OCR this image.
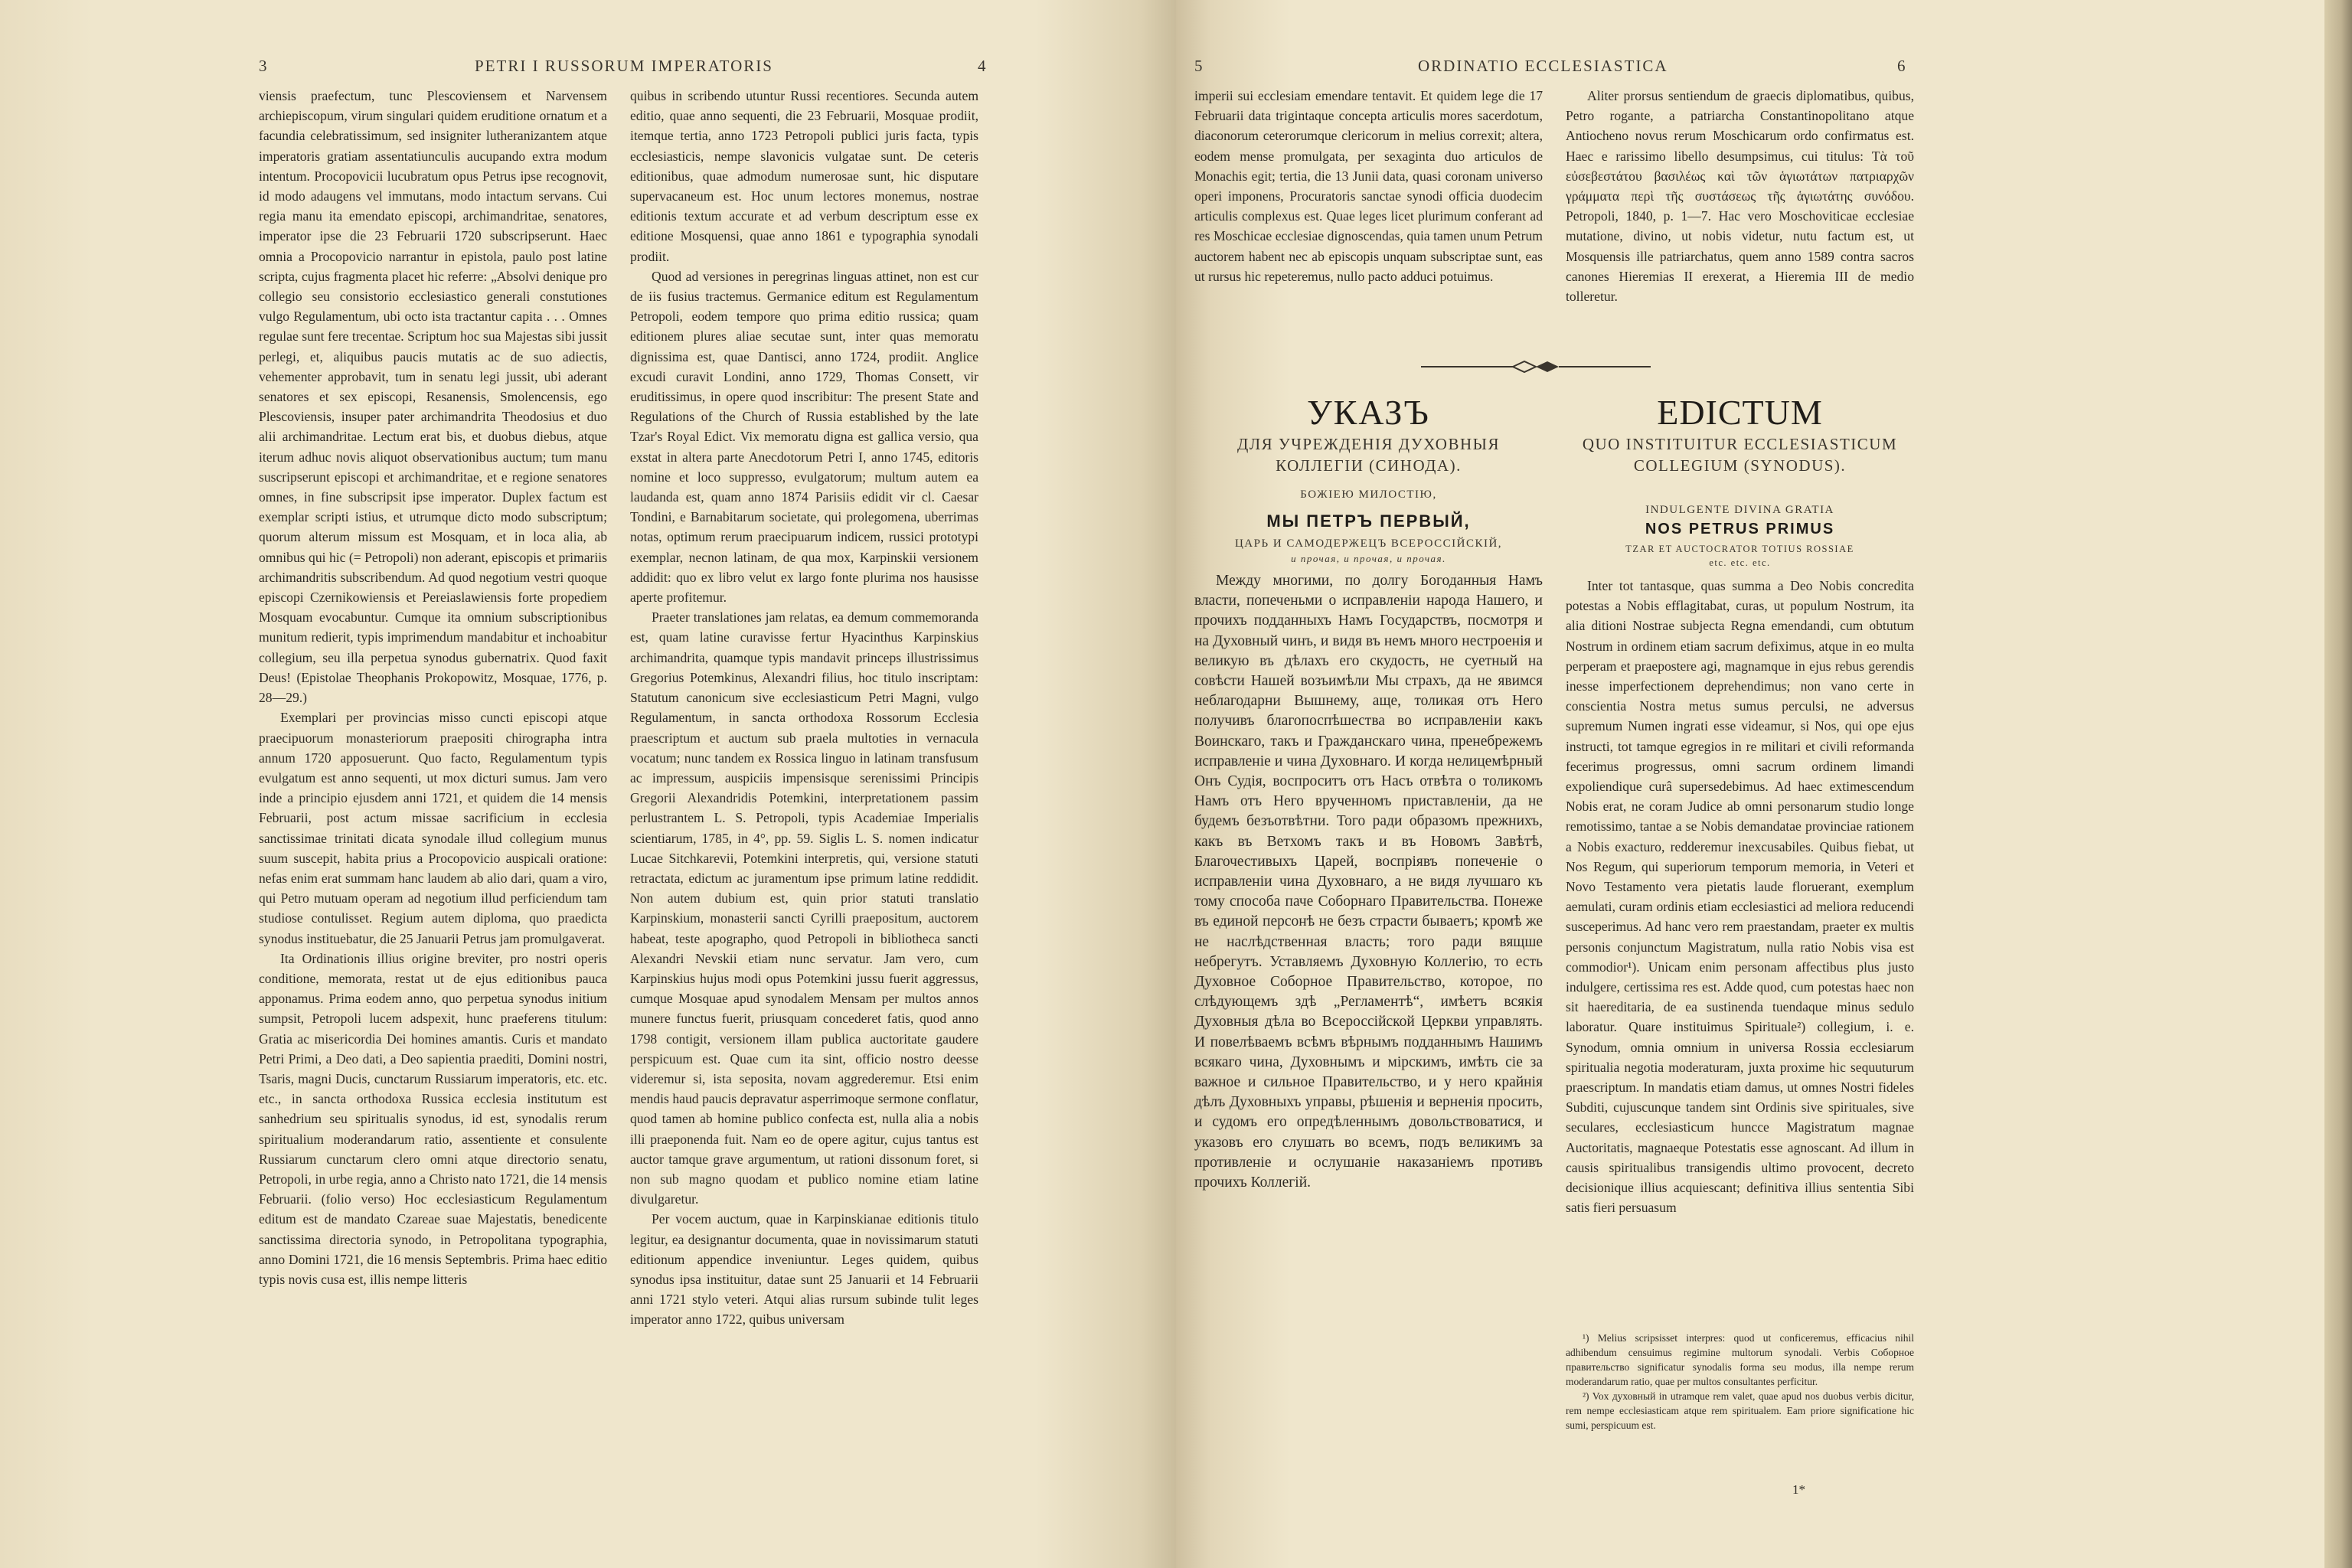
3	PETRI I RUSSORUM IMPERATORIS	4

viensis praefectum, tunc Plescoviensem et Narvensem archiepiscopum, virum singulari quidem eruditione ornatum et a facundia celebratissimum, sed insigniter lutheranizantem atque imperatoris gratiam assentatiunculis aucupando extra modum intentum. Procopovicii lucubratum opus Petrus ipse recognovit, id modo adaugens vel immutans, modo intactum servans. Cui regia manu ita emendato episcopi, archimandritae, senatores, imperator ipse die 23 Februarii 1720 subscripserunt. Haec omnia a Procopovicio narrantur in epistola, paulo post latine scripta, cujus fragmenta placet hic referre: „Absolvi denique pro collegio seu consistorio ecclesiastico generali constutiones vulgo Regulamentum, ubi octo ista tractantur capita . . . Omnes regulae sunt fere trecentae. Scriptum hoc sua Majestas sibi jussit perlegi, et, aliquibus paucis mutatis ac de suo adiectis, vehementer approbavit, tum in senatu legi jussit, ubi aderant senatores et sex episcopi, Resanensis, Smolencensis, ego Plescoviensis, insuper pater archimandrita Theodosius et duo alii archimandritae. Lectum erat bis, et duobus diebus, atque iterum adhuc novis aliquot observationibus auctum; tum manu suscripserunt episcopi et archimandritae, et e regione senatores omnes, in fine subscripsit ipse imperator. Duplex factum est exemplar scripti istius, et utrumque dicto modo subscriptum; quorum alterum missum est Mosquam, et in loca alia, ab omnibus qui hic (= Petropoli) non aderant, episcopis et primariis archimandritis subscribendum. Ad quod negotium vestri quoque episcopi Czernikowiensis et Pereiaslawiensis forte propediem Mosquam evocabuntur. Cumque ita omnium subscriptionibus munitum redierit, typis imprimendum mandabitur et inchoabitur collegium, seu illa perpetua synodus gubernatrix. Quod faxit Deus! (Epistolae Theophanis Prokopowitz, Mosquae, 1776, p. 28—29.)

Exemplari per provincias misso cuncti episcopi atque praecipuorum monasteriorum praepositi chirographa intra annum 1720 apposuerunt. Quo facto, Regulamentum typis evulgatum est anno sequenti, ut mox dicturi sumus. Jam vero inde a principio ejusdem anni 1721, et quidem die 14 mensis Februarii, post actum missae sacrificium in ecclesia sanctissimae trinitati dicata synodale illud collegium munus suum suscepit, habita prius a Procopovicio auspicali oratione: nefas enim erat summam hanc laudem ab alio dari, quam a viro, qui Petro mutuam operam ad negotium illud perficiendum tam studiose contulisset. Regium autem diploma, quo praedicta synodus instituebatur, die 25 Januarii Petrus jam promulgaverat.

Ita Ordinationis illius origine breviter, pro nostri operis conditione, memorata, restat ut de ejus editionibus pauca apponamus. Prima eodem anno, quo perpetua synodus initium sumpsit, Petropoli lucem adspexit, hunc praeferens titulum: Gratia ac misericordia Dei homines amantis. Curis et mandato Petri Primi, a Deo dati, a Deo sapientia praediti, Domini nostri, Tsaris, magni Ducis, cunctarum Russiarum imperatoris, etc. etc. etc., in sancta orthodoxa Russica ecclesia institutum est sanhedrium seu spiritualis synodus, id est, synodalis rerum spiritualium moderandarum ratio, assentiente et consulente Russiarum cunctarum clero omni atque directorio senatu, Petropoli, in urbe regia, anno a Christo nato 1721, die 14 mensis Februarii. (folio verso) Hoc ecclesiasticum Regulamentum editum est de mandato Czareae suae Majestatis, benedicente sanctissima directoria synodo, in Petropolitana typographia, anno Domini 1721, die 16 mensis Septembris. Prima haec editio typis novis cusa est, illis nempe litteris

quibus in scribendo utuntur Russi recentiores. Secunda autem editio, quae anno sequenti, die 23 Februarii, Mosquae prodiit, itemque tertia, anno 1723 Petropoli publici juris facta, typis ecclesiasticis, nempe slavonicis vulgatae sunt. De ceteris editionibus, quae admodum numerosae sunt, hic disputare supervacaneum est. Hoc unum lectores monemus, nostrae editionis textum accurate et ad verbum descriptum esse ex editione Mosquensi, quae anno 1861 e typographia synodali prodiit.

Quod ad versiones in peregrinas linguas attinet, non est cur de iis fusius tractemus. Germanice editum est Regulamentum Petropoli, eodem tempore quo prima editio russica; quam editionem plures aliae secutae sunt, inter quas memoratu dignissima est, quae Dantisci, anno 1724, prodiit. Anglice excudi curavit Londini, anno 1729, Thomas Consett, vir eruditissimus, in opere quod inscribitur: The present State and Regulations of the Church of Russia established by the late Tzar's Royal Edict. Vix memoratu digna est gallica versio, qua exstat in altera parte Anecdotorum Petri I, anno 1745, editoris nomine et loco suppresso, evulgatorum; multum autem ea laudanda est, quam anno 1874 Parisiis edidit vir cl. Caesar Tondini, e Barnabitarum societate, qui prolegomena, uberrimas notas, optimum rerum praecipuarum indicem, russici prototypi exemplar, necnon latinam, de qua mox, Karpinskii versionem addidit: quo ex libro velut ex largo fonte plurima nos hausisse aperte profitemur.

Praeter translationes jam relatas, ea demum commemoranda est, quam latine curavisse fertur Hyacinthus Karpinskius archimandrita, quamque typis mandavit princeps illustrissimus Gregorius Potemkinus, Alexandri filius, hoc titulo inscriptam: Statutum canonicum sive ecclesiasticum Petri Magni, vulgo Regulamentum, in sancta orthodoxa Rossorum Ecclesia praescriptum et auctum sub praela multoties in vernacula vocatum; nunc tandem ex Rossica linguo in latinam transfusum ac impressum, auspiciis impensisque serenissimi Principis Gregorii Alexandridis Potemkini, interpretationem passim perlustrantem L. S. Petropoli, typis Academiae Imperialis scientiarum, 1785, in 4°, pp. 59. Siglis L. S. nomen indicatur Lucae Sitchkarevii, Potemkini interpretis, qui, versione statuti retractata, edictum ac juramentum ipse primum latine reddidit. Non autem dubium est, quin prior statuti translatio Karpinskium, monasterii sancti Cyrilli praepositum, auctorem habeat, teste apographo, quod Petropoli in bibliotheca sancti Alexandri Nevskii etiam nunc servatur. Jam vero, cum Karpinskius hujus modi opus Potemkini jussu fuerit aggressus, cumque Mosquae apud synodalem Mensam per multos annos munere functus fuerit, priusquam concederet fatis, quod anno 1798 contigit, versionem illam publica auctoritate gaudere perspicuum est. Quae cum ita sint, officio nostro deesse videremur si, ista seposita, novam aggrederemur. Etsi enim mendis haud paucis depravatur asperrimoque sermone conflatur, quod tamen ab homine publico confecta est, nulla alia a nobis illi praeponenda fuit. Nam eo de opere agitur, cujus tantus est auctor tamque grave argumentum, ut rationi dissonum foret, si non sub magno quodam et publico nomine etiam latine divulgaretur.

Per vocem auctum, quae in Karpinskianae editionis titulo legitur, ea designantur documenta, quae in novissimarum statuti editionum appendice inveniuntur. Leges quidem, quibus synodus ipsa instituitur, datae sunt 25 Januarii et 14 Februarii anni 1721 stylo veteri. Atqui alias rursum subinde tulit leges imperator anno 1722, quibus universam

5	ORDINATIO ECCLESIASTICA	6

imperii sui ecclesiam emendare tentavit. Et quidem lege die 17 Februarii data trigintaque concepta articulis mores sacerdotum, diaconorum ceterorumque clericorum in melius correxit; altera, eodem mense promulgata, per sexaginta duo articulos de Monachis egit; tertia, die 13 Junii data, quasi coronam universo operi imponens, Procuratoris sanctae synodi officia duodecim articulis complexus est. Quae leges licet plurimum conferant ad res Moschicae ecclesiae dignoscendas, quia tamen unum Petrum auctorem habent nec ab episcopis unquam subscriptae sunt, eas ut rursus hic repeteremus, nullo pacto adduci potuimus.

Aliter prorsus sentiendum de graecis diplomatibus, quibus, Petro rogante, a patriarcha Constantinopolitano atque Antiocheno novus rerum Moschicarum ordo confirmatus est. Haec e rarissimo libello desumpsimus, cui titulus: Τὰ τοῦ εὐσεβεστάτου βασιλέως καὶ τῶν ἁγιωτάτων πατριαρχῶν γράμματα περὶ τῆς συστάσεως τῆς ἁγιωτάτης συνόδου. Petropoli, 1840, p. 1—7. Hac vero Moschoviticae ecclesiae mutatione, divino, ut nobis videtur, nutu factum est, ut Mosquensis ille patriarchatus, quem anno 1589 contra sacros canones Hieremias II erexerat, a Hieremia III de medio tolleretur.

УКАЗЪ
ДЛЯ УЧРЕЖДЕНІЯ ДУХОВНЫЯ
КОЛЛЕГІИ (СИНОДА).
БОЖІЕЮ МИЛОСТІЮ,
МЫ ПЕТРЪ ПЕРВЫЙ,
ЦАРЬ И САМОДЕРЖЕЦЪ ВСЕРОССІЙСКІЙ,
и прочая, и прочая, и прочая.

Между многими, по долгу Богоданныя Намъ власти, попеченьми о исправленіи народа Нашего, и прочихъ подданныхъ Намъ Государствъ, посмотря и на Духовный чинъ, и видя въ немъ много нестроенія и великую въ дѣлахъ его скудость, не суетный на совѣсти Нашей возъимѣли Мы страхъ, да не явимся неблагодарни Вышнему, аще, толикая отъ Него получивъ благопоспѣшества во исправленіи какъ Воинскаго, такъ и Гражданскаго чина, пренебрежемъ исправленіе и чина Духовнаго. И когда нелицемѣрный Онъ Судія, воспроситъ отъ Насъ отвѣта о толикомъ Намъ отъ Него врученномъ приставленіи, да не будемъ безъотвѣтни. Того ради образомъ прежнихъ, какъ въ Ветхомъ такъ и въ Новомъ Завѣтѣ, Благочестивыхъ Царей, воспріявъ попеченіе о исправленіи чина Духовнаго, а не видя лучшаго къ тому способа паче Соборнаго Правительства. Понеже въ единой персонѣ не безъ страсти бываетъ; кромѣ же не наслѣдственная власть; того ради вящше небрегутъ. Уставляемъ Духовную Коллегію, то есть Духовное Соборное Правительство, которое, по слѣдующемъ здѣ „Регламентѣ“, имѣетъ всякія Духовныя дѣла во Всероссійской Церкви управлять. И повелѣваемъ всѣмъ вѣрнымъ подданнымъ Нашимъ всякаго чина, Духовнымъ и мірскимъ, имѣть сіе за важное и сильное Правительство, и у него крайнія дѣлъ Духовныхъ управы, рѣшенія и верненія просить, и судомъ его опредѣленнымъ довольствоватися, и указовъ его слушать во всемъ, подъ великимъ за противленіе и ослушаніе наказаніемъ противъ прочихъ Коллегій.

EDICTUM
QUO INSTITUITUR ECCLESIASTICUM
COLLEGIUM (SYNODUS).
INDULGENTE DIVINA GRATIA
NOS PETRUS PRIMUS
TZAR ET AUCTOCRATOR TOTIUS ROSSIAE
etc. etc. etc.

Inter tot tantasque, quas summa a Deo Nobis concredita potestas a Nobis efflagitabat, curas, ut populum Nostrum, ita alia ditioni Nostrae subjecta Regna emendandi, cum obtutum Nostrum in ordinem etiam sacrum defiximus, atque in eo multa perperam et praepostere agi, magnamque in ejus rebus gerendis inesse imperfectionem deprehendimus; non vano certe in conscientia Nostra metus sumus perculsi, ne adversus supremum Numen ingrati esse videamur, si Nos, qui ope ejus instructi, tot tamque egregios in re militari et civili reformanda fecerimus progressus, omni sacrum ordinem limandi expoliendique curâ supersedebimus. Ad haec extimescendum Nobis erat, ne coram Judice ab omni personarum studio longe remotissimo, tantae a se Nobis demandatae provinciae rationem a Nobis exacturo, redderemur inexcusabiles. Quibus fiebat, ut Nos Regum, qui superiorum temporum memoria, in Veteri et Novo Testamento vera pietatis laude floruerant, exemplum aemulati, curam ordinis etiam ecclesiastici ad meliora reducendi susceperimus. Ad hanc vero rem praestandam, praeter ex multis personis conjunctum Magistratum, nulla ratio Nobis visa est commodior¹). Unicam enim personam affectibus plus justo indulgere, certissima res est. Adde quod, cum potestas haec non sit haereditaria, de ea sustinenda tuendaque minus sedulo laboratur. Quare instituimus Spirituale²) collegium, i. e. Synodum, omnia omnium in universa Rossia ecclesiarum spiritualia negotia moderaturam, juxta proxime hic sequuturum praescriptum. In mandatis etiam damus, ut omnes Nostri fideles Subditi, cujuscunque tandem sint Ordinis sive spirituales, sive seculares, ecclesiasticum huncce Magistratum magnae Auctoritatis, magnaeque Potestatis esse agnoscant. Ad illum in causis spiritualibus transigendis ultimo provocent, decreto decisionique illius acquiescant; definitiva illius sententia Sibi satis fieri persuasum

¹) Melius scripsisset interpres: quod ut conficeremus, efficacius nihil adhibendum censuimus regimine multorum synodali. Verbis Соборное правительство significatur synodalis forma seu modus, illa nempe rerum moderandarum ratio, quae per multos consultantes perficitur.

²) Vox духовный in utramque rem valet, quae apud nos duobus verbis dicitur, rem nempe ecclesiasticam atque rem spiritualem. Eam priore significatione hic sumi, perspicuum est.

1*
